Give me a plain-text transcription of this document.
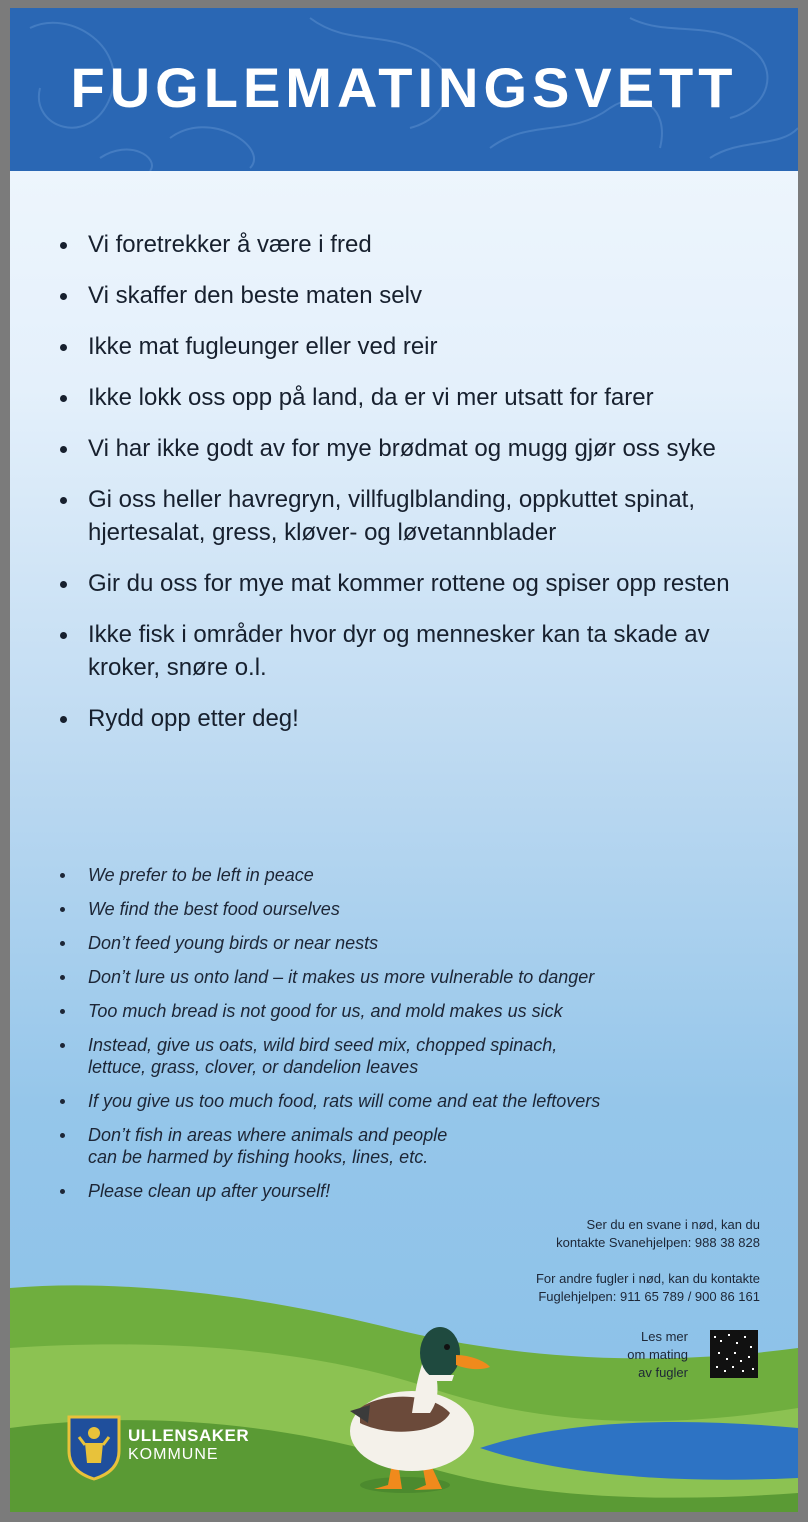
FUGLEMATINGSVETT
Vi foretrekker å være i fred
Vi skaffer den beste maten selv
Ikke mat fugleunger eller ved reir
Ikke lokk oss opp på land, da er vi mer utsatt for farer
Vi har ikke godt av for mye brødmat og mugg gjør oss syke
Gi oss heller havregryn, villfuglblanding, oppkuttet spinat, hjertesalat, gress, kløver- og løvetannblader
Gir du oss for mye mat kommer rottene og spiser opp resten
Ikke fisk i områder hvor dyr og mennesker kan ta skade av kroker, snøre o.l.
Rydd opp etter deg!
We prefer to be left in peace
We find the best food ourselves
Don’t feed young birds or near nests
Don’t lure us onto land – it makes us more vulnerable to danger
Too much bread is not good for us, and mold makes us sick
Instead, give us oats, wild bird seed mix, chopped spinach,
lettuce, grass, clover, or dandelion leaves
If you give us too much food, rats will come and eat the leftovers
Don’t fish in areas where animals and people
can be harmed by fishing hooks, lines, etc.
Please clean up after yourself!
ULLENSAKER
KOMMUNE
Ser du en svane i nød, kan du
kontakte Svanehjelpen: 988 38 828
For andre fugler i nød, kan du kontakte
Fuglehjelpen: 911 65 789 / 900 86 161
Les mer
om mating
av fugler
